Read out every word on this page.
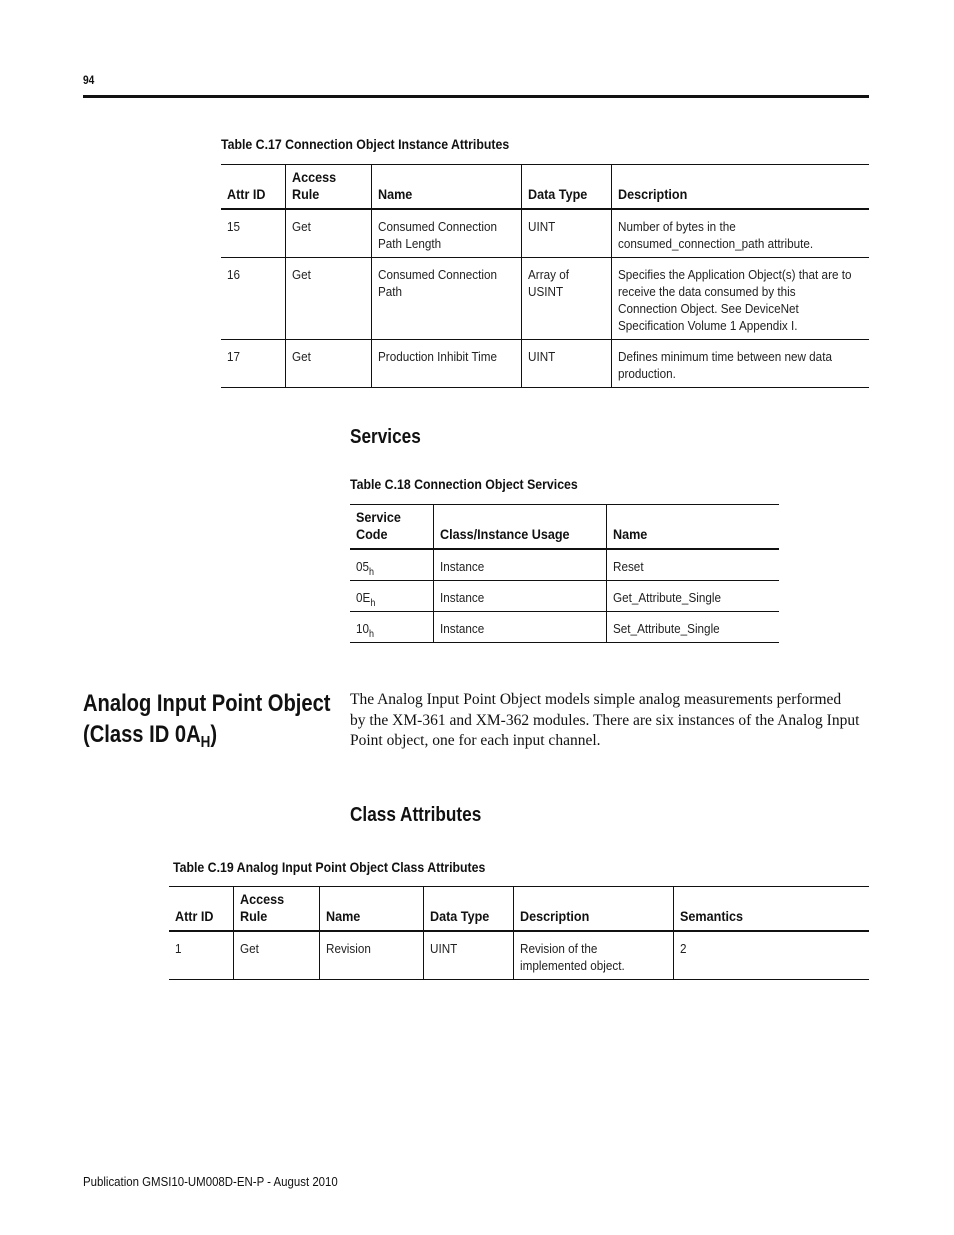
94
Table C.17 Connection Object Instance Attributes
Attr ID	Access Rule	Name	Data Type	Description
15	Get	Consumed Connection Path Length	UINT	Number of bytes in the consumed_connection_path attribute.
16	Get	Consumed Connection Path	Array of USINT	Specifies the Application Object(s) that are to receive the data consumed by this Connection Object. See DeviceNet Specification Volume 1 Appendix I.
17	Get	Production Inhibit Time	UINT	Defines minimum time between new data production.
Services
Table C.18 Connection Object Services
Service Code	Class/Instance Usage	Name
$05_h$	Instance	Reset
$0E_h$	Instance	Get_Attribute_Single
$10_h$	Instance	Set_Attribute_Single
Analog Input Point Object
(Class ID $0A_H$)
The Analog Input Point Object models simple analog measurements performed by the XM-361 and XM-362 modules. There are six instances of the Analog Input Point object, one for each input channel.
Class Attributes
Table C.19 Analog Input Point Object Class Attributes
Attr ID	Access Rule	Name	Data Type	Description	Semantics
1	Get	Revision	UINT	Revision of the implemented object.	2
Publication GMSI10-UM008D-EN-P - August 2010
